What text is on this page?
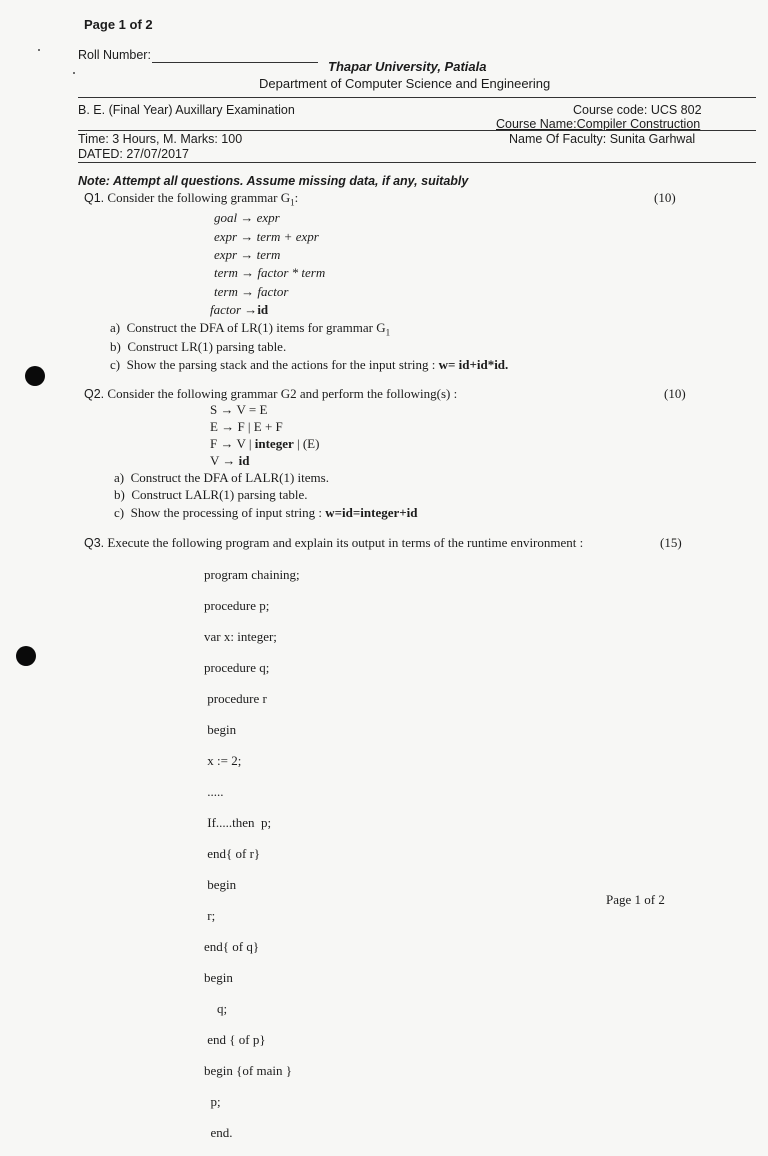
Page 1 of 2
Roll Number:
Thapar University, Patiala
Department of Computer Science and Engineering
B. E. (Final Year) Auxillary Examination	Course code: UCS 802
Course Name:Compiler Construction
Time: 3 Hours, M. Marks: 100	Name Of Faculty: Sunita Garhwal
DATED: 27/07/2017
Note: Attempt all questions. Assume missing data, if any, suitably
Q1. Consider the following grammar $G_1$:	(10)
goal → expr
expr → term + expr
expr → term
term → factor * term
term → factor
factor →id
a) Construct the DFA of LR(1) items for grammar $G_1$
b) Construct LR(1) parsing table.
c) Show the parsing stack and the actions for the input string : w= id+id*id.
Q2. Consider the following grammar G2 and perform the following(s) :	(10)
S → V = E
E → F | E + F
F → V | integer | (E)
V → id
a) Construct the DFA of LALR(1) items.
b) Construct LALR(1) parsing table.
c) Show the processing of input string : w=id=integer+id
Q3. Execute the following program and explain its output in terms of the runtime environment :	(15)

program chaining;

procedure p;

var x: integer;

procedure q;

procedure r

begin

x := 2;

.....

If.....then  p;

end{ of r}

begin

r;

end{ of q}

begin

q;

end { of p}

begin {of main }

p;

end.

Page 1 of 2
